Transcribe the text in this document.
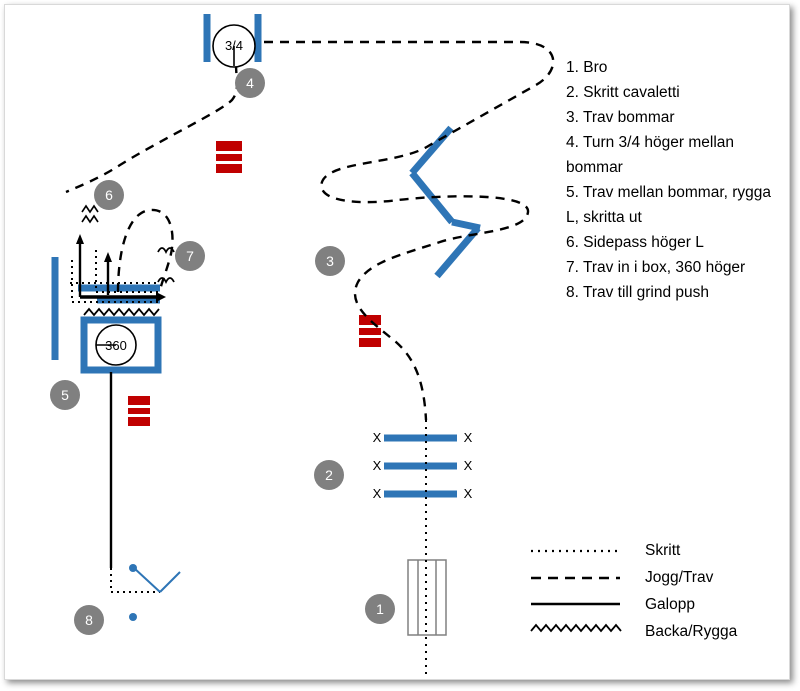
1. Bro
2. Skritt cavaletti
3. Trav bommar
4. Turn 3/4 höger mellan
bommar
5. Trav mellan bommar, rygga
L, skritta ut
6. Sidepass höger L
7. Trav in i box, 360 höger
8. Trav till grind push
Skritt
Jogg/Trav
Galopp
Backa/Rygga
1
2
3
4
5
6
7
8
3/4
360
X	X
X	X
X	X
